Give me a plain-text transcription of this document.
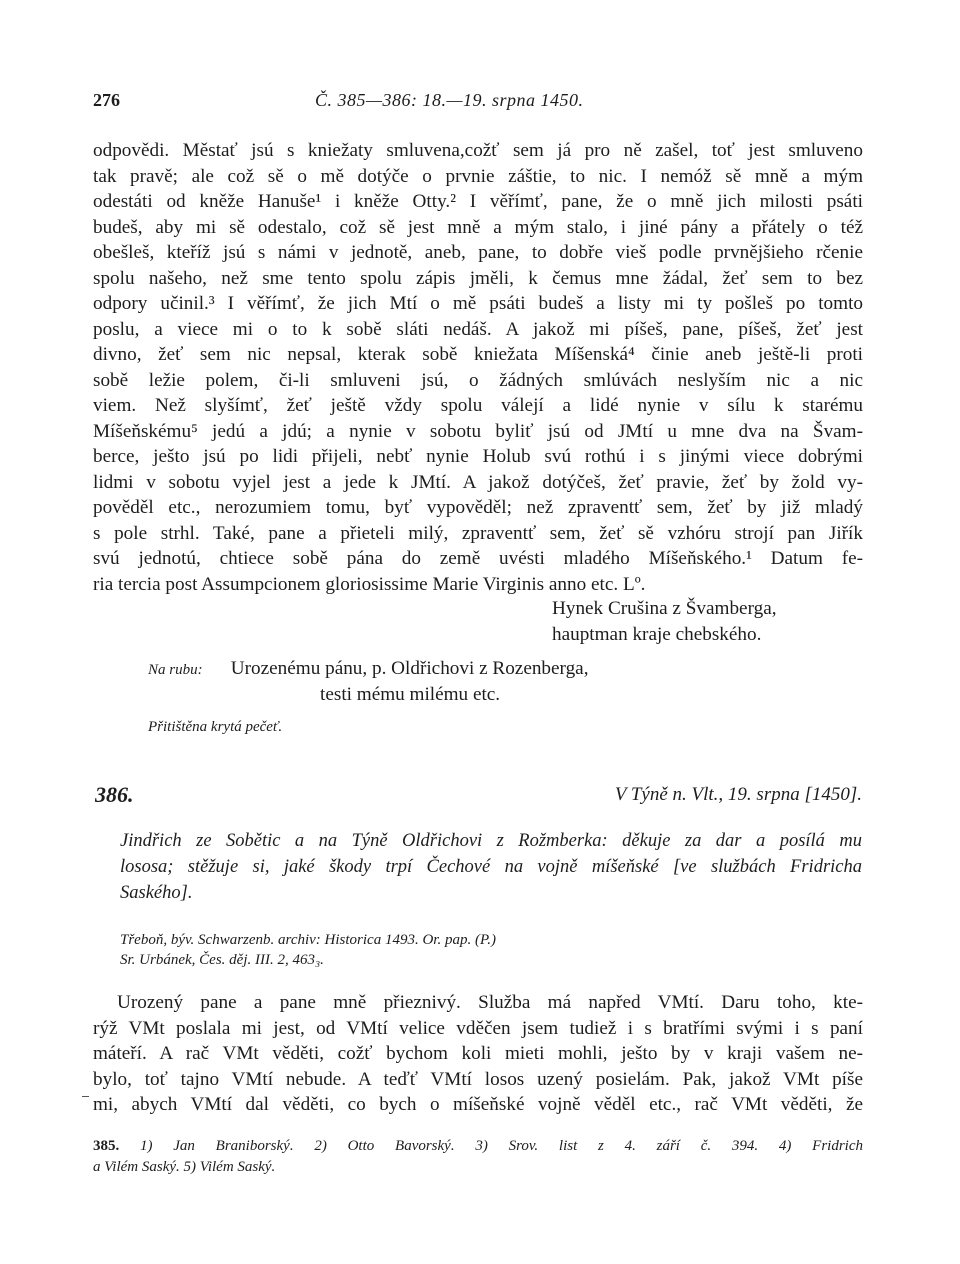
276	Č. 385—386: 18.—19. srpna 1450.
odpovědi. Městať jsú s kniežaty smluvena,cožť sem já pro ně zašel, toť jest smluveno
tak pravě; ale což sě o mě dotýče o prvnie záštie, to nic. I nemóž sě mně a mým
odestáti od kněže Hanuše¹ i kněže Otty.² I věřímť, pane, že o mně jich milosti psáti
budeš, aby mi sě odestalo, což sě jest mně a mým stalo, i jiné pány a přátely o též
obešleš, kteříž jsú s námi v jednotě, aneb, pane, to dobře vieš podle prvnějšieho rčenie
spolu našeho, než sme tento spolu zápis jměli, k čemus mne žádal, žeť sem to bez
odpory učinil.³ I věřímť, že jich Mtí o mě psáti budeš a listy mi ty pošleš po tomto
poslu, a viece mi o to k sobě sláti nedáš. A jakož mi píšeš, pane, píšeš, žeť jest
divno, žeť sem nic nepsal, kterak sobě kniežata Míšenská⁴ činie aneb ještě-li proti
sobě ležie polem, či-li smluveni jsú, o žádných smlúvách neslyším nic a nic
viem. Než slyšímť, žeť ještě vždy spolu válejí a lidé nynie v sílu k starému
Míšeňskému⁵ jedú a jdú; a nynie v sobotu byliť jsú od JMtí u mne dva na Švam-
berce, ješto jsú po lidi přijeli, nebť nynie Holub svú rothú i s jinými viece dobrými
lidmi v sobotu vyjel jest a jede k JMtí. A jakož dotýčeš, žeť pravie, žeť by žold vy-
pověděl etc., nerozumiem tomu, byť vypověděl; než zpraventť sem, žeť by již mladý
s pole strhl. Také, pane a přieteli milý, zpraventť sem, žeť sě vzhóru strojí pan Jiřík
svú jednotú, chtiece sobě pána do země uvésti mladého Míšeňského.¹ Datum fe-
ria tercia post Assumpcionem gloriosissime Marie Virginis anno etc. Lº.
Hynek Crušina z Švamberga,
hauptman kraje chebského.
Na rubu: Urozenému pánu, p. Oldřichovi z Rozenberga,
testi mému milému etc.
Přitištěna krytá pečeť.
386.	V Týně n. Vlt., 19. srpna [1450].
Jindřich ze Sobětic a na Týně Oldřichovi z Rožmberka: děkuje za dar a posílá mu
lososa; stěžuje si, jaké škody trpí Čechové na vojně míšeňské [ve službách Fridricha
Saského].
Třeboň, býv. Schwarzenb. archiv: Historica 1493. Or. pap. (P.)
Sr. Urbánek, Čes. děj. III. 2, 463₃.
Urozený pane a pane mně přieznivý. Služba má napřed VMtí. Daru toho, kte-
rýž VMt poslala mi jest, od VMtí velice vděčen jsem tudiež i s bratřími svými i s paní
máteří. A rač VMt věděti, cožť bychom koli mieti mohli, ješto by v kraji vašem ne-
bylo, toť tajno VMtí nebude. A teďť VMtí losos uzený posielám. Pak, jakož VMt píše
mi, abych VMtí dal věděti, co bych o míšeňské vojně věděl etc., rač VMt věděti, že
385. 1) Jan Braniborský. 2) Otto Bavorský. 3) Srov. list z 4. září č. 394. 4) Fridrich
a Vilém Saský. 5) Vilém Saský.
